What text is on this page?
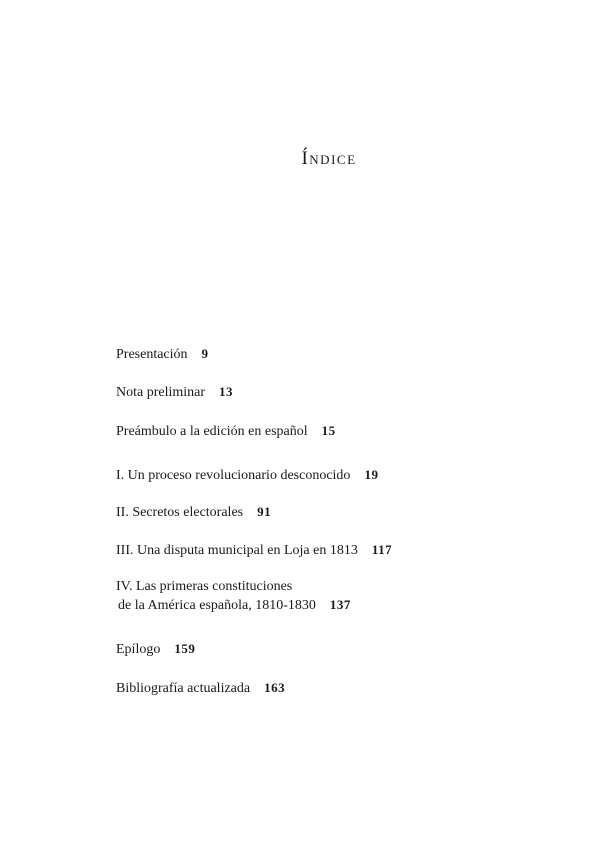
Índice
Presentación 9
Nota preliminar 13
Preámbulo a la edición en español 15
I. Un proceso revolucionario desconocido 19
II. Secretos electorales 91
III. Una disputa municipal en Loja en 1813 117
IV. Las primeras constituciones
de la América española, 1810-1830 137
Epílogo 159
Bibliografía actualizada 163
